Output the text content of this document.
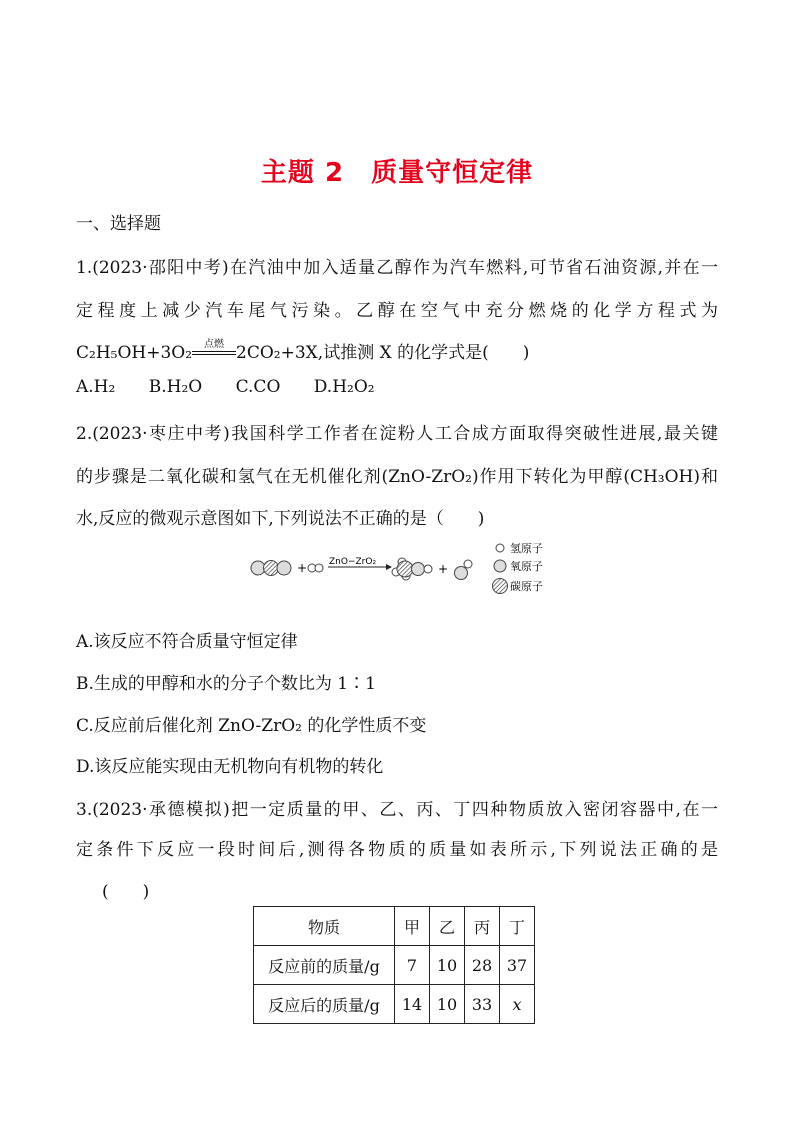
主题 2　质量守恒定律
一、选择题
1.(2023·邵阳中考)在汽油中加入适量乙醇作为汽车燃料,可节省石油资源,并在一
定程度上减少汽车尾气污染。乙醇在空气中充分燃烧的化学方程式为
C₂H₅OH+3O₂	点燃 2CO₂+3X,试推测 X 的化学式是(　　)
A.H₂ B.H₂O C.CO D.H₂O₂
2.(2023·枣庄中考)我国科学工作者在淀粉人工合成方面取得突破性进展,最关键
的步骤是二氧化碳和氢气在无机催化剂(ZnO-ZrO₂)作用下转化为甲醇(CH₃OH)和
水,反应的微观示意图如下,下列说法不正确的是（　　)
+ ZnO−ZrO₂	+
氢原子
氧原子
碳原子
A.该反应不符合质量守恒定律
B.生成的甲醇和水的分子个数比为 1∶1
C.反应前后催化剂 ZnO-ZrO₂ 的化学性质不变
D.该反应能实现由无机物向有机物的转化
3.(2023·承德模拟)把一定质量的甲、乙、丙、丁四种物质放入密闭容器中,在一
定条件下反应一段时间后,测得各物质的质量如表所示,下列说法正确的是
(　　)
物质	甲	乙	丙	丁
反应前的质量/g	7	10	28	37
反应后的质量/g	14	10	33	x
